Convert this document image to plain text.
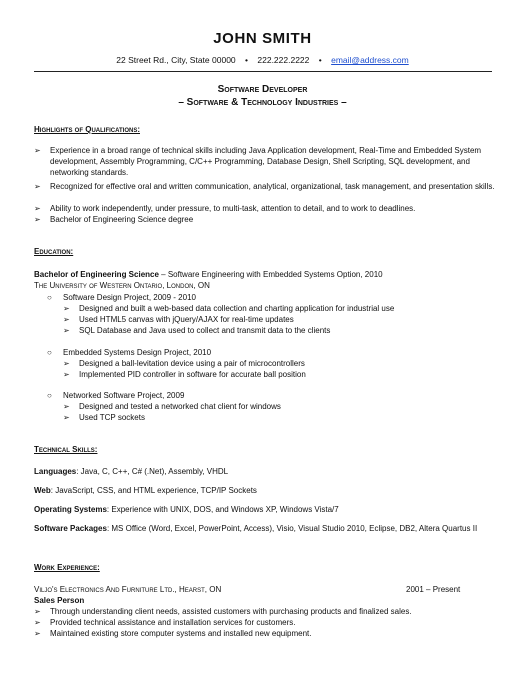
JOHN SMITH
22 Street Rd., City, State 00000 • 222.222.2222 • email@address.com
Software Developer
– Software & Technology Industries –
Highlights of Qualifications:
➢ Experience in a broad range of technical skills including Java Application development, Real-Time and Embedded System development, Assembly Programming, C/C++ Programming, Database Design, Shell Scripting, SQL development, and networking standards.
➢ Recognized for effective oral and written communication, analytical, organizational, task management, and presentation skills.
➢ Ability to work independently, under pressure, to multi-task, attention to detail, and to work to deadlines.
➢ Bachelor of Engineering Science degree
Education:
Bachelor of Engineering Science – Software Engineering with Embedded Systems Option, 2010
The University of Western Ontario, London, ON
○ Software Design Project, 2009 - 2010
➢ Designed and built a web-based data collection and charting application for industrial use
➢ Used HTML5 canvas with jQuery/AJAX for real-time updates
➢ SQL Database and Java used to collect and transmit data to the clients
○ Embedded Systems Design Project, 2010
➢ Designed a ball-levitation device using a pair of microcontrollers
➢ Implemented PID controller in software for accurate ball position
○ Networked Software Project, 2009
➢ Designed and tested a networked chat client for windows
➢ Used TCP sockets
Technical Skills:
Languages: Java, C, C++, C# (.Net), Assembly, VHDL
Web: JavaScript, CSS, and HTML experience, TCP/IP Sockets
Operating Systems: Experience with UNIX, DOS, and Windows XP, Windows Vista/7
Software Packages: MS Office (Word, Excel, PowerPoint, Access), Visio, Visual Studio 2010, Eclipse, DB2, Altera Quartus II
Work Experience:
Viljo's Electronics And Furniture Ltd., Hearst, ON	2001 – Present
Sales Person
➢ Through understanding client needs, assisted customers with purchasing products and finalized sales.
➢ Provided technical assistance and installation services for customers.
➢ Maintained existing store computer systems and installed new equipment.
